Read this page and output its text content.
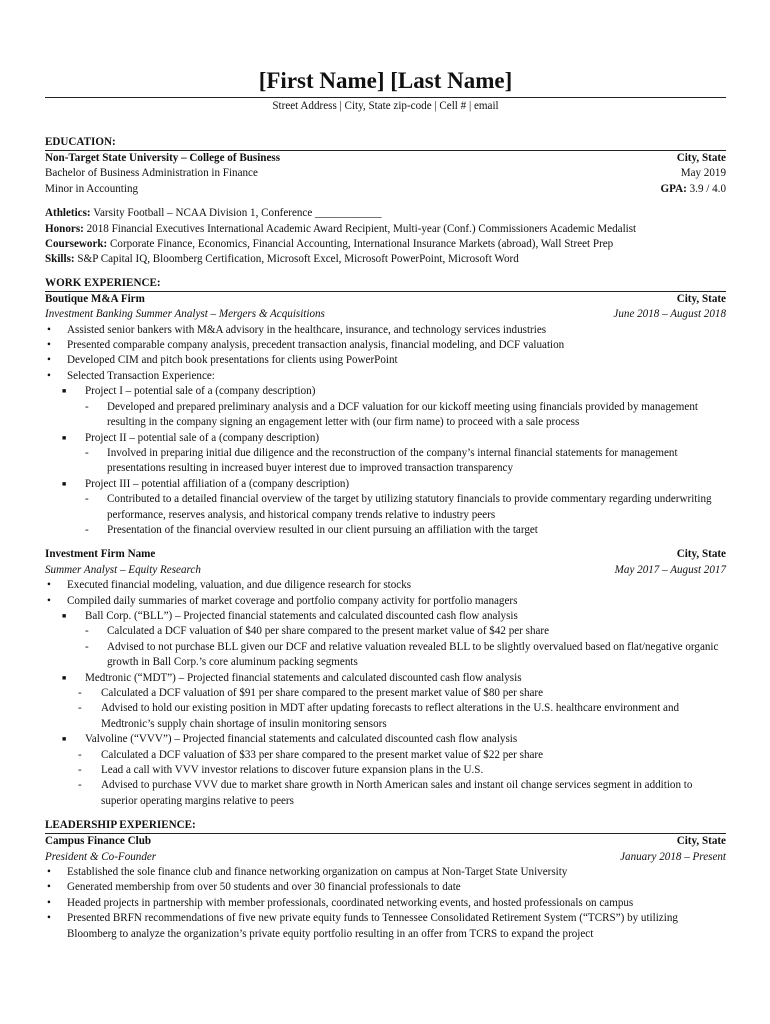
[First Name] [Last Name]
Street Address | City, State zip-code | Cell # | email
EDUCATION:
Non-Target State University – College of Business	City, State
Bachelor of Business Administration in Finance	May 2019
Minor in Accounting	GPA: 3.9 / 4.0
Athletics: Varsity Football – NCAA Division 1, Conference ____________
Honors: 2018 Financial Executives International Academic Award Recipient, Multi-year (Conf.) Commissioners Academic Medalist
Coursework: Corporate Finance, Economics, Financial Accounting, International Insurance Markets (abroad), Wall Street Prep
Skills: S&P Capital IQ, Bloomberg Certification, Microsoft Excel, Microsoft PowerPoint, Microsoft Word
WORK EXPERIENCE:
Boutique M&A Firm	City, State
Investment Banking Summer Analyst – Mergers & Acquisitions	June 2018 – August 2018
• Assisted senior bankers with M&A advisory in the healthcare, insurance, and technology services industries
• Presented comparable company analysis, precedent transaction analysis, financial modeling, and DCF valuation
• Developed CIM and pitch book presentations for clients using PowerPoint
• Selected Transaction Experience:
■ Project I – potential sale of a (company description)
- Developed and prepared preliminary analysis and a DCF valuation for our kickoff meeting using financials provided by management resulting in the company signing an engagement letter with (our firm name) to proceed with a sale process
■ Project II – potential sale of a (company description)
- Involved in preparing initial due diligence and the reconstruction of the company’s internal financial statements for management presentations resulting in increased buyer interest due to improved transaction transparency
■ Project III – potential affiliation of a (company description)
- Contributed to a detailed financial overview of the target by utilizing statutory financials to provide commentary regarding underwriting performance, reserves analysis, and historical company trends relative to industry peers
- Presentation of the financial overview resulted in our client pursuing an affiliation with the target
Investment Firm Name	City, State
Summer Analyst – Equity Research	May 2017 – August 2017
• Executed financial modeling, valuation, and due diligence research for stocks
• Compiled daily summaries of market coverage and portfolio company activity for portfolio managers
■ Ball Corp. (“BLL”) – Projected financial statements and calculated discounted cash flow analysis
- Calculated a DCF valuation of $40 per share compared to the present market value of $42 per share
- Advised to not purchase BLL given our DCF and relative valuation revealed BLL to be slightly overvalued based on flat/negative organic growth in Ball Corp.’s core aluminum packing segments
■ Medtronic (“MDT”) – Projected financial statements and calculated discounted cash flow analysis
- Calculated a DCF valuation of $91 per share compared to the present market value of $80 per share
- Advised to hold our existing position in MDT after updating forecasts to reflect alterations in the U.S. healthcare environment and Medtronic’s supply chain shortage of insulin monitoring sensors
■ Valvoline (“VVV”) – Projected financial statements and calculated discounted cash flow analysis
- Calculated a DCF valuation of $33 per share compared to the present market value of $22 per share
- Lead a call with VVV investor relations to discover future expansion plans in the U.S.
- Advised to purchase VVV due to market share growth in North American sales and instant oil change services segment in addition to superior operating margins relative to peers
LEADERSHIP EXPERIENCE:
Campus Finance Club	City, State
President & Co-Founder	January 2018 – Present
• Established the sole finance club and finance networking organization on campus at Non-Target State University
• Generated membership from over 50 students and over 30 financial professionals to date
• Headed projects in partnership with member professionals, coordinated networking events, and hosted professionals on campus
• Presented BRFN recommendations of five new private equity funds to Tennessee Consolidated Retirement System (“TCRS”) by utilizing Bloomberg to analyze the organization’s private equity portfolio resulting in an offer from TCRS to expand the project
